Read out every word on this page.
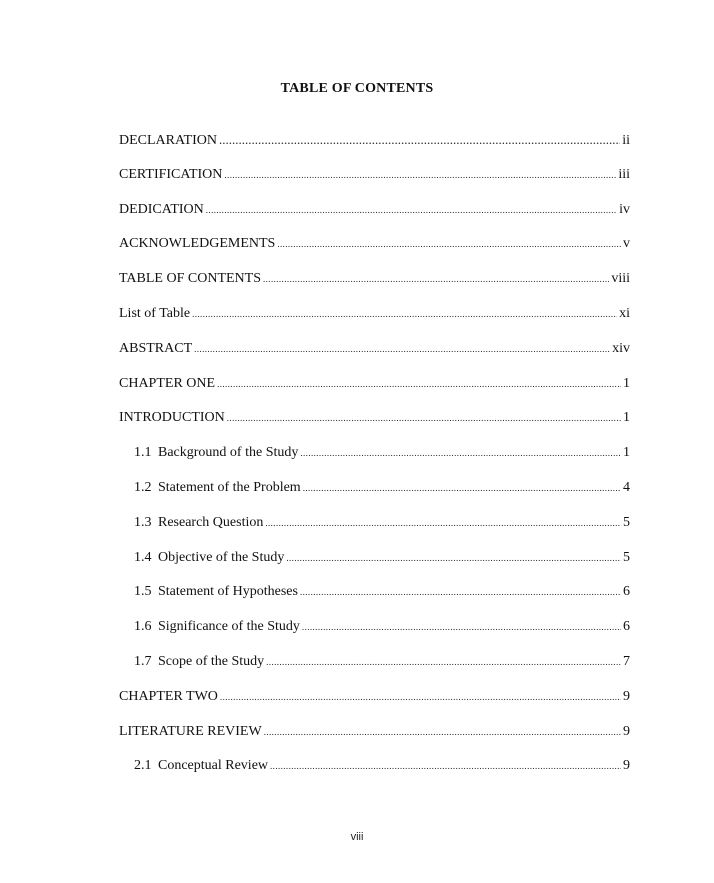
TABLE OF CONTENTS
DECLARATION .....	ii
CERTIFICATION .....	iii
DEDICATION .....	iv
ACKNOWLEDGEMENTS .....	v
TABLE OF CONTENTS .....	viii
List of Table .....	xi
ABSTRACT .....	xiv
CHAPTER ONE .....	1
INTRODUCTION .....	1
1.1 Background of the Study .....	1
1.2 Statement of the Problem .....	4
1.3 Research Question .....	5
1.4 Objective of the Study .....	5
1.5 Statement of Hypotheses .....	6
1.6 Significance of the Study .....	6
1.7 Scope of the Study .....	7
CHAPTER TWO .....	9
LITERATURE REVIEW .....	9
2.1 Conceptual Review .....	9
viii
